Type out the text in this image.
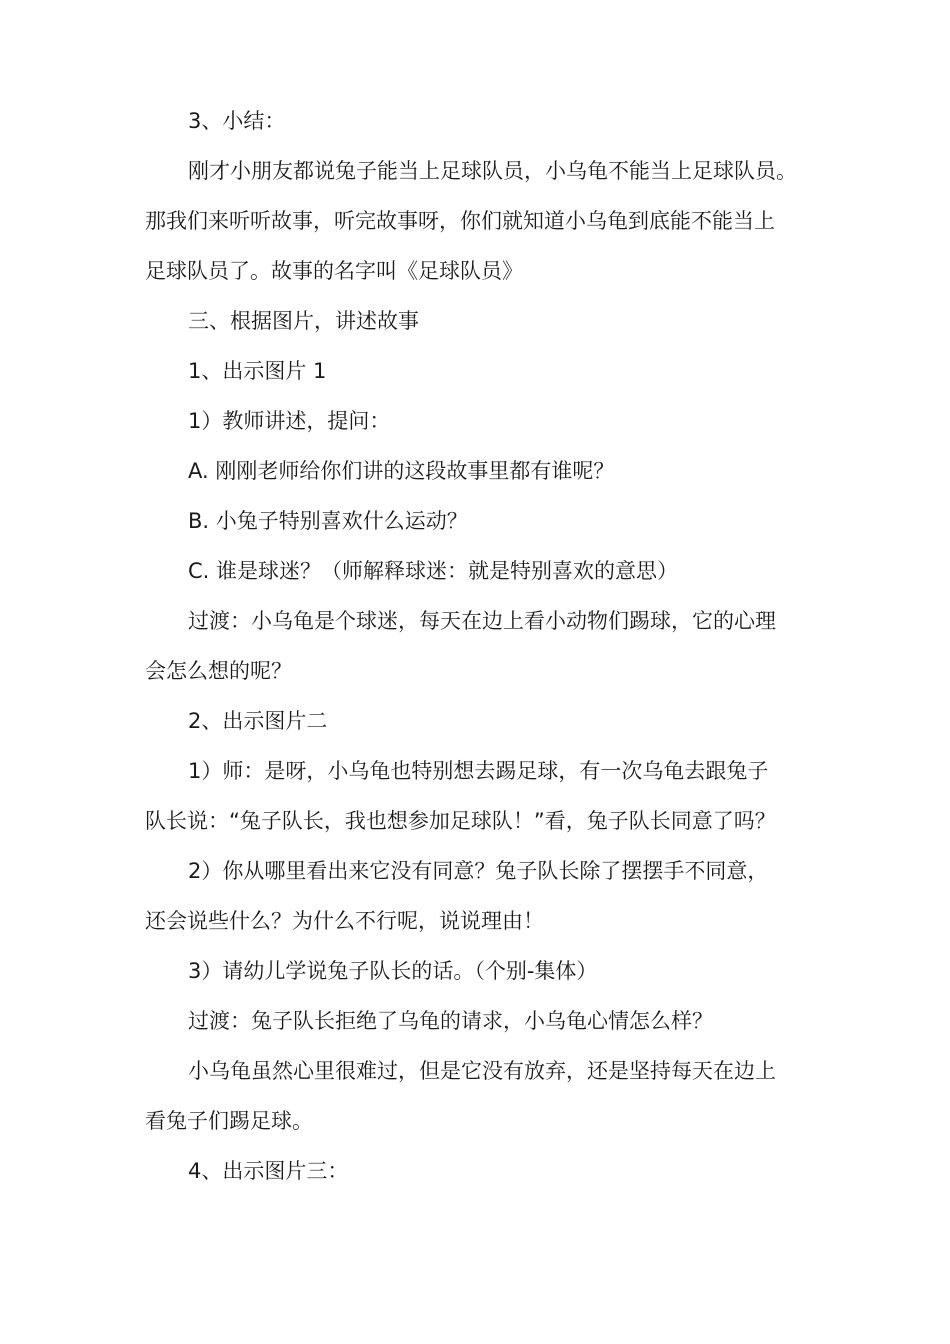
3、小结：
刚才小朋友都说兔子能当上足球队员，小乌龟不能当上足球队员。
那我们来听听故事，听完故事呀，你们就知道小乌龟到底能不能当上
足球队员了。故事的名字叫《足球队员》
三、根据图片，讲述故事
1、出示图片 1
1）教师讲述，提问：
A. 刚刚老师给你们讲的这段故事里都有谁呢？
B. 小兔子特别喜欢什么运动？
C. 谁是球迷？（师解释球迷：就是特别喜欢的意思）
过渡：小乌龟是个球迷，每天在边上看小动物们踢球，它的心理
会怎么想的呢？
2、出示图片二
1）师：是呀，小乌龟也特别想去踢足球，有一次乌龟去跟兔子
队长说：“兔子队长，我也想参加足球队！”看，兔子队长同意了吗？
2）你从哪里看出来它没有同意？兔子队长除了摆摆手不同意，
还会说些什么？为什么不行呢，说说理由！
3）请幼儿学说兔子队长的话。（个别-集体）
过渡：兔子队长拒绝了乌龟的请求，小乌龟心情怎么样？
小乌龟虽然心里很难过，但是它没有放弃，还是坚持每天在边上
看兔子们踢足球。
4、出示图片三：
